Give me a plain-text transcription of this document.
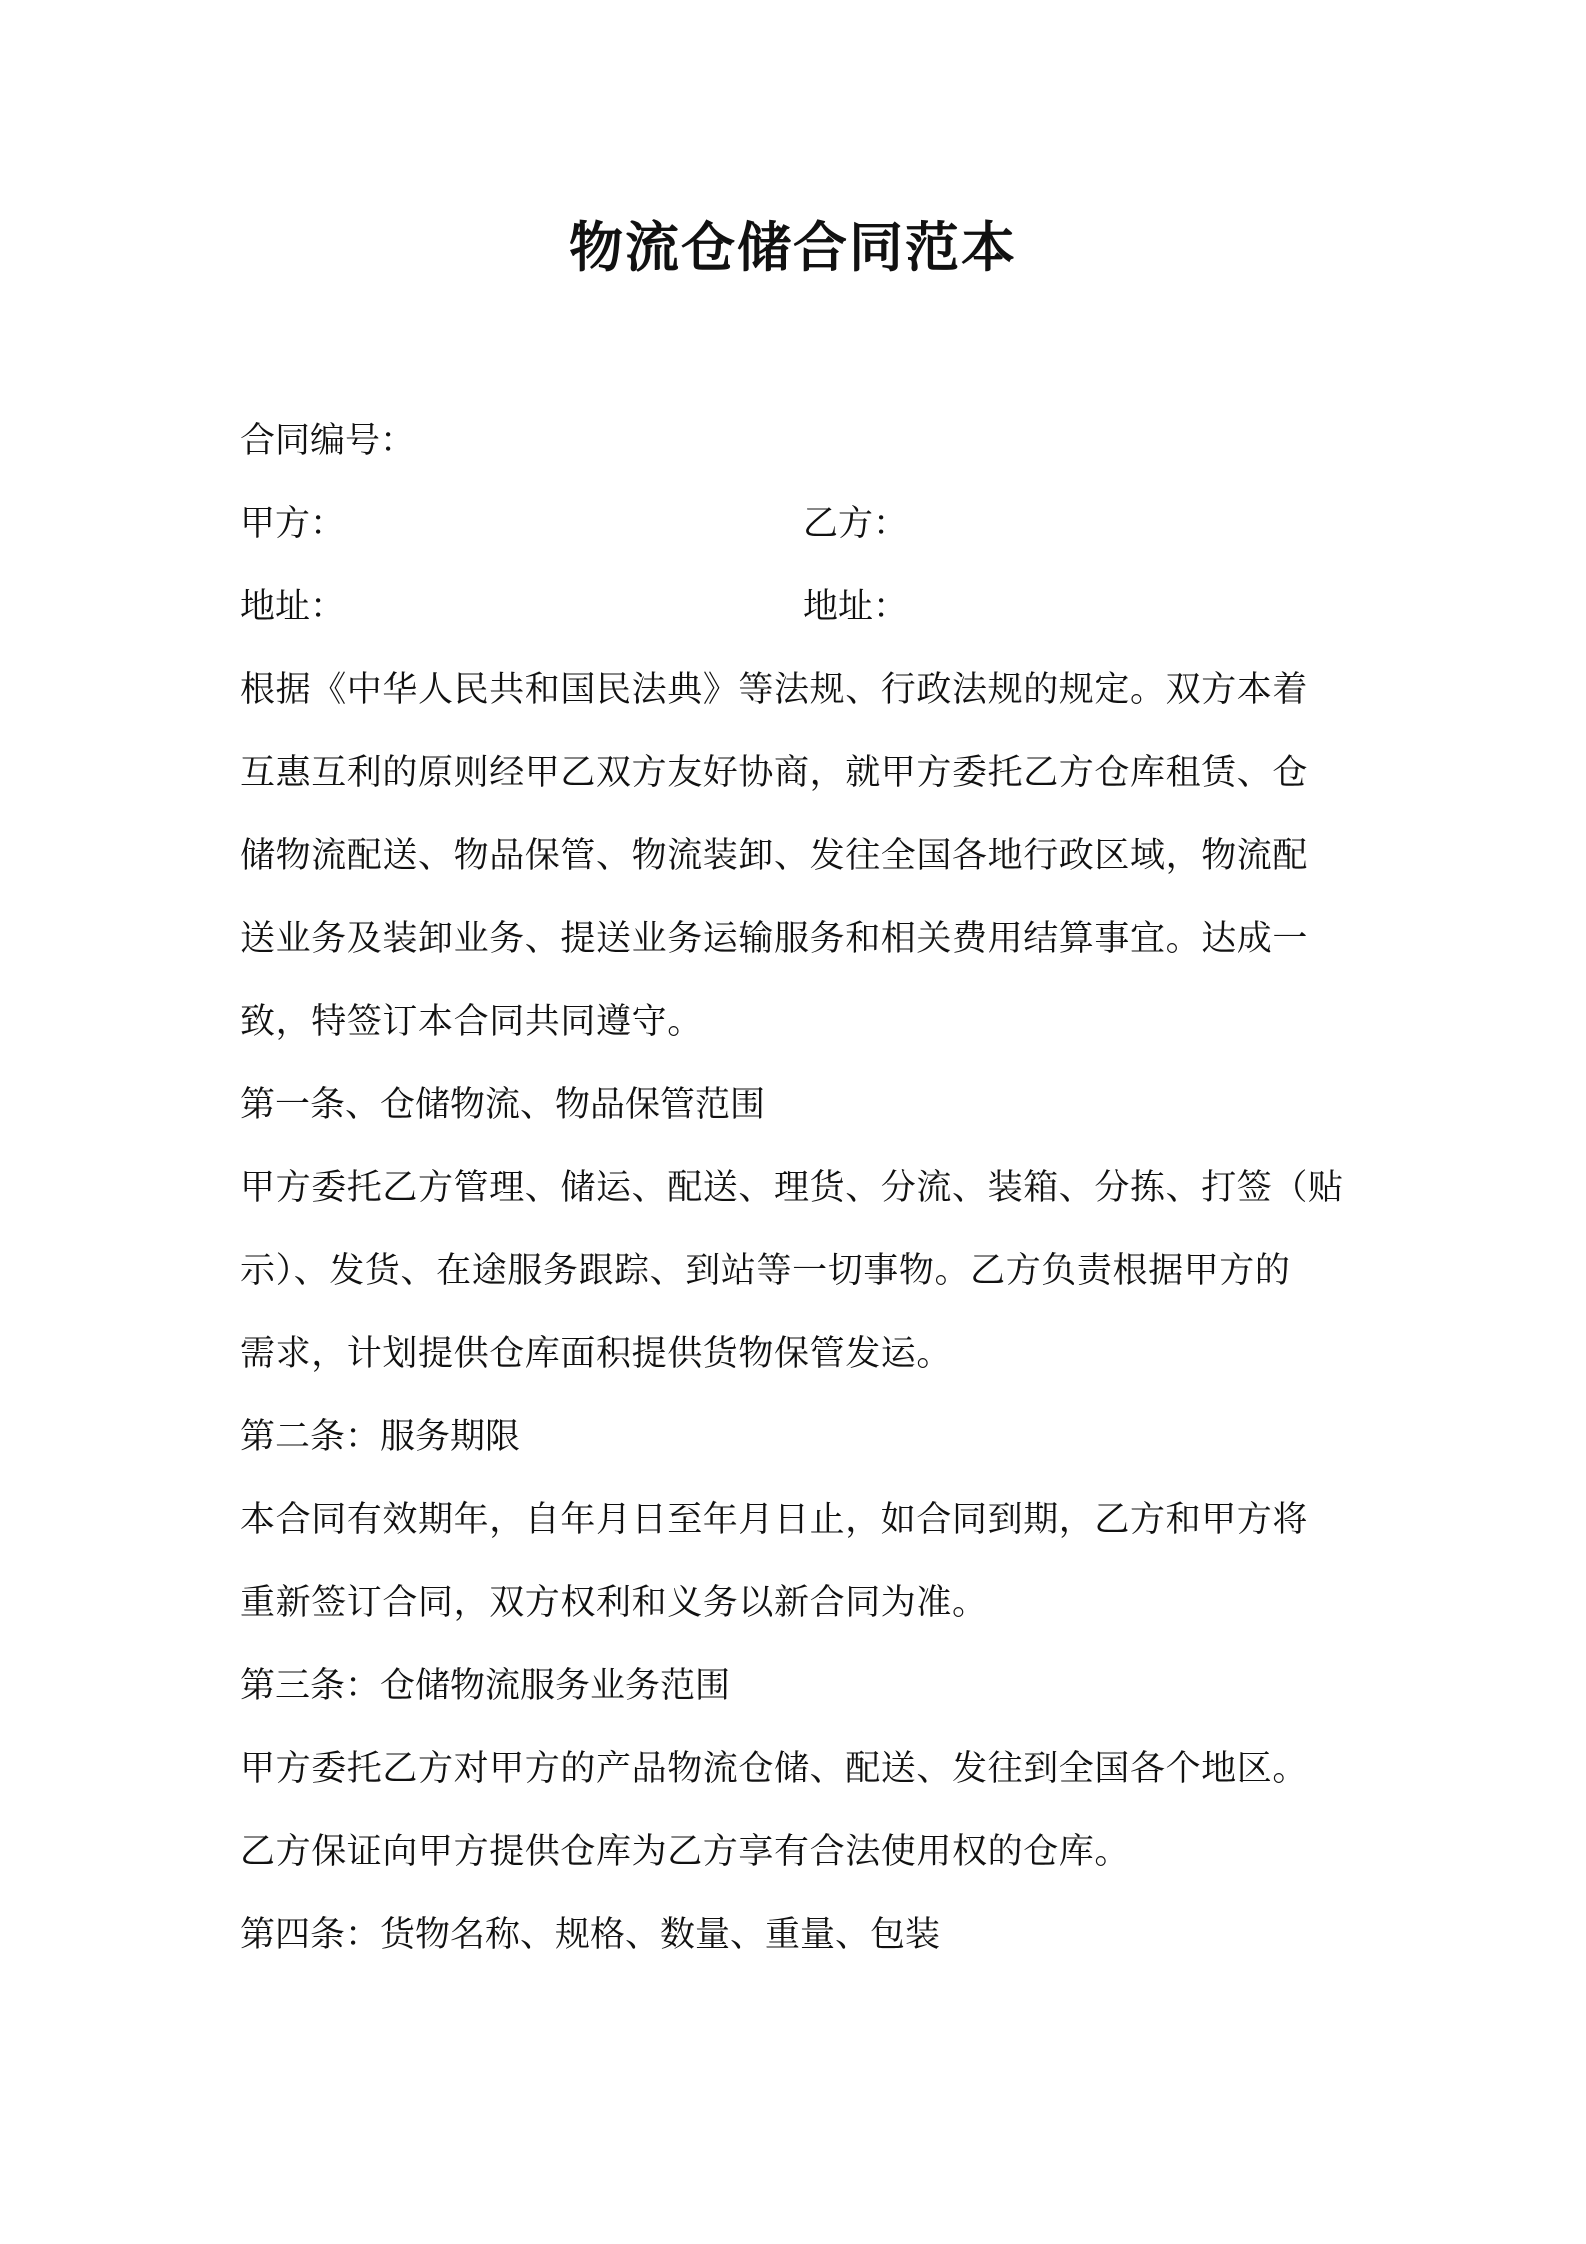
物流仓储合同范本
合同编号：
甲方：	乙方：
地址：	地址：
根据《中华人民共和国民法典》等法规、行政法规的规定。双方本着
互惠互利的原则经甲乙双方友好协商，就甲方委托乙方仓库租赁、仓
储物流配送、物品保管、物流装卸、发往全国各地行政区域，物流配
送业务及装卸业务、提送业务运输服务和相关费用结算事宜。达成一
致，特签订本合同共同遵守。
第一条、仓储物流、物品保管范围
甲方委托乙方管理、储运、配送、理货、分流、装箱、分拣、打签（贴
示）、发货、在途服务跟踪、到站等一切事物。乙方负责根据甲方的
需求，计划提供仓库面积提供货物保管发运。
第二条：服务期限
本合同有效期年，自年月日至年月日止，如合同到期，乙方和甲方将
重新签订合同，双方权利和义务以新合同为准。
第三条：仓储物流服务业务范围
甲方委托乙方对甲方的产品物流仓储、配送、发往到全国各个地区。
乙方保证向甲方提供仓库为乙方享有合法使用权的仓库。
第四条：货物名称、规格、数量、重量、包装
